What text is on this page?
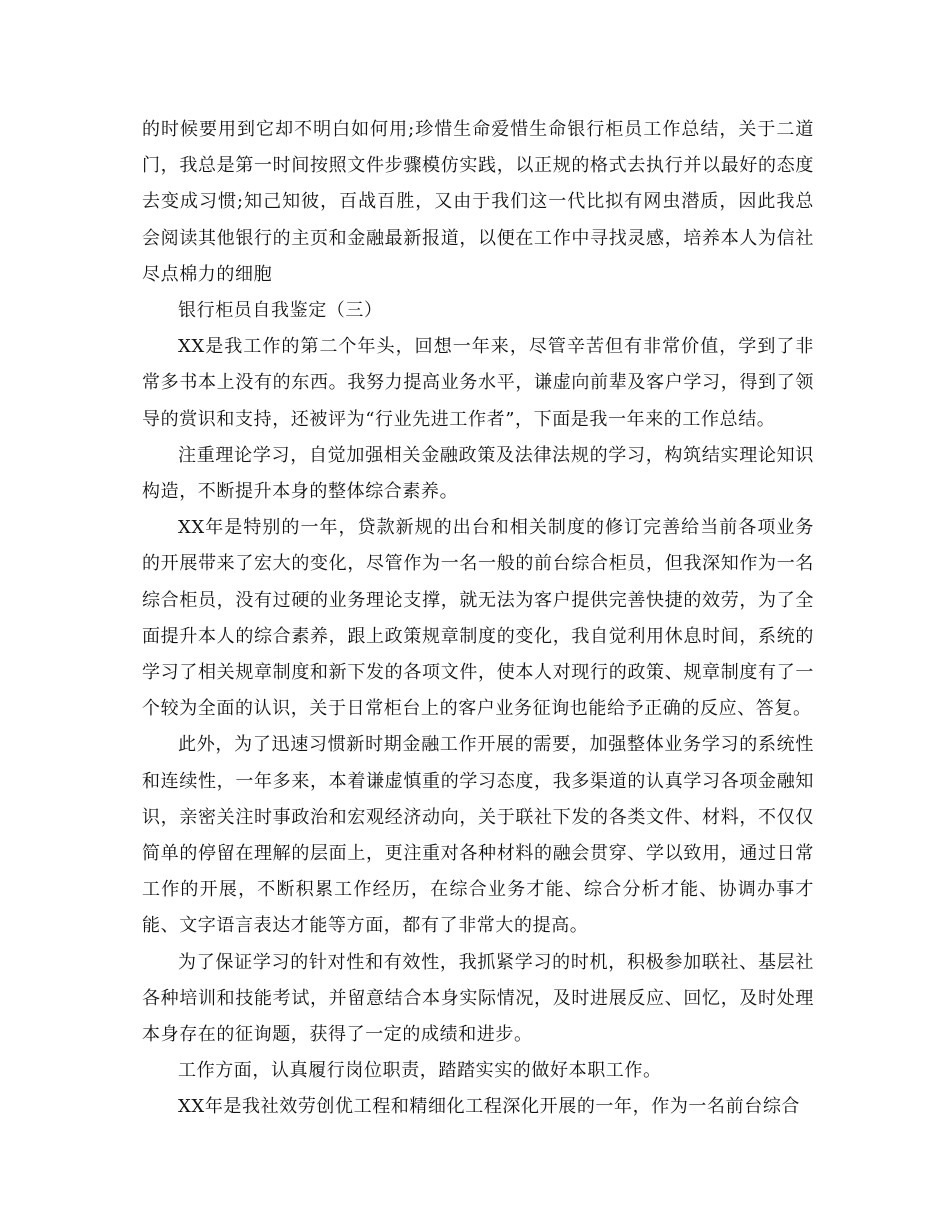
的时候要用到它却不明白如何用;珍惜生命爱惜生命银行柜员工作总结，关于二道门，我总是第一时间按照文件步骤模仿实践，以正规的格式去执行并以最好的态度去变成习惯;知己知彼，百战百胜，又由于我们这一代比拟有网虫潜质，因此我总会阅读其他银行的主页和金融最新报道，以便在工作中寻找灵感，培养本人为信社尽点棉力的细胞

银行柜员自我鉴定（三）

XX是我工作的第二个年头，回想一年来，尽管辛苦但有非常价值，学到了非常多书本上没有的东西。我努力提高业务水平，谦虚向前辈及客户学习，得到了领导的赏识和支持，还被评为“行业先进工作者”，下面是我一年来的工作总结。

注重理论学习，自觉加强相关金融政策及法律法规的学习，构筑结实理论知识构造，不断提升本身的整体综合素养。

XX年是特别的一年，贷款新规的出台和相关制度的修订完善给当前各项业务的开展带来了宏大的变化，尽管作为一名一般的前台综合柜员，但我深知作为一名综合柜员，没有过硬的业务理论支撑，就无法为客户提供完善快捷的效劳，为了全面提升本人的综合素养，跟上政策规章制度的变化，我自觉利用休息时间，系统的学习了相关规章制度和新下发的各项文件，使本人对现行的政策、规章制度有了一个较为全面的认识，关于日常柜台上的客户业务征询也能给予正确的反应、答复。

此外，为了迅速习惯新时期金融工作开展的需要，加强整体业务学习的系统性和连续性，一年多来，本着谦虚慎重的学习态度，我多渠道的认真学习各项金融知识，亲密关注时事政治和宏观经济动向，关于联社下发的各类文件、材料，不仅仅简单的停留在理解的层面上，更注重对各种材料的融会贯穿、学以致用，通过日常工作的开展，不断积累工作经历，在综合业务才能、综合分析才能、协调办事才能、文字语言表达才能等方面，都有了非常大的提高。

为了保证学习的针对性和有效性，我抓紧学习的时机，积极参加联社、基层社各种培训和技能考试，并留意结合本身实际情况，及时进展反应、回忆，及时处理本身存在的征询题，获得了一定的成绩和进步。

工作方面，认真履行岗位职责，踏踏实实的做好本职工作。

XX年是我社效劳创优工程和精细化工程深化开展的一年，作为一名前台综合
